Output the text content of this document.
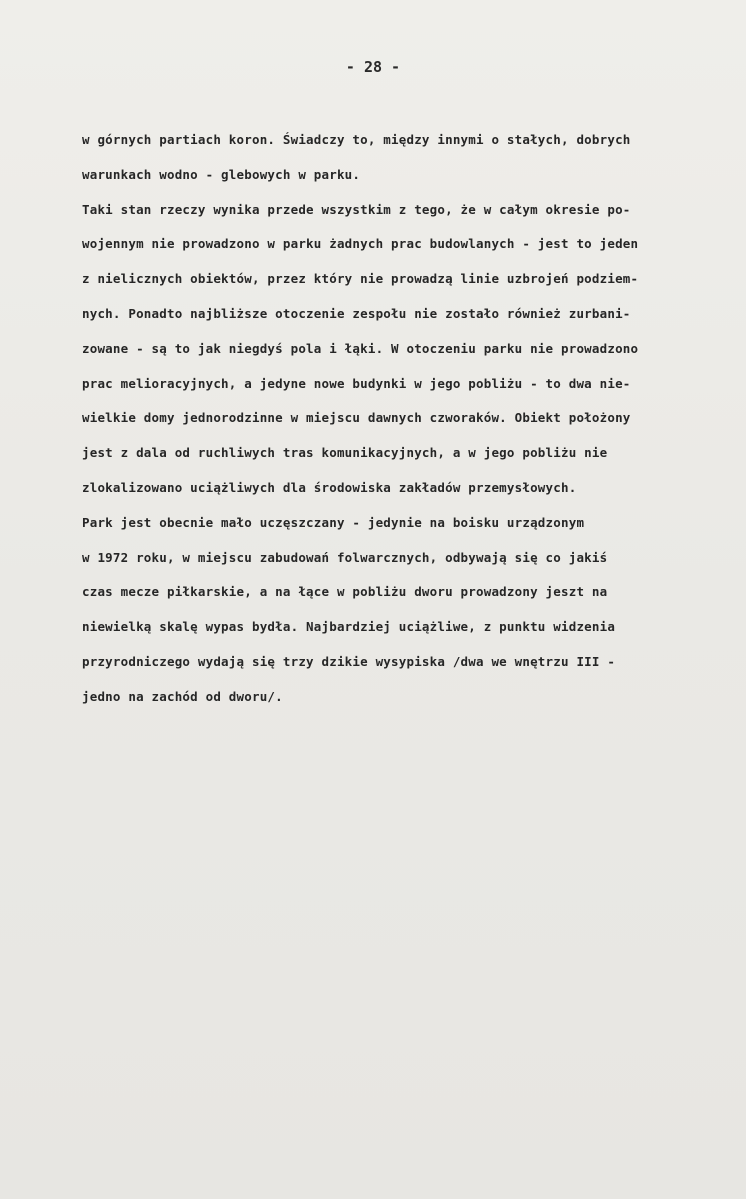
- 28 -
w górnych partiach koron. Świadczy to, między innymi o stałych, dobrych
warunkach wodno - glebowych w parku.
Taki stan rzeczy wynika przede wszystkim z tego, że w całym okresie po-
wojennym nie prowadzono w parku żadnych prac budowlanych - jest to jeden
z nielicznych obiektów, przez który nie prowadzą linie uzbrojeń podziem-
nych. Ponadto najbliższe otoczenie zespołu nie zostało również zurbani-
zowane - są to jak niegdyś pola i łąki. W otoczeniu parku nie prowadzono
prac melioracyjnych, a jedyne nowe budynki w jego pobliżu - to dwa nie-
wielkie domy jednorodzinne w miejscu dawnych czworaków. Obiekt położony
jest z dala od ruchliwych tras komunikacyjnych, a w jego pobliżu nie
zlokalizowano uciążliwych dla środowiska zakładów przemysłowych.
Park jest obecnie mało uczęszczany - jedynie na boisku urządzonym
w 1972 roku, w miejscu zabudowań folwarcznych, odbywają się co jakiś
czas mecze piłkarskie, a na łące w pobliżu dworu prowadzony jeszt na
niewielką skalę wypas bydła. Najbardziej uciążliwe, z punktu widzenia
przyrodniczego wydają się trzy dzikie wysypiska /dwa we wnętrzu III -
jedno na zachód od dworu/.
